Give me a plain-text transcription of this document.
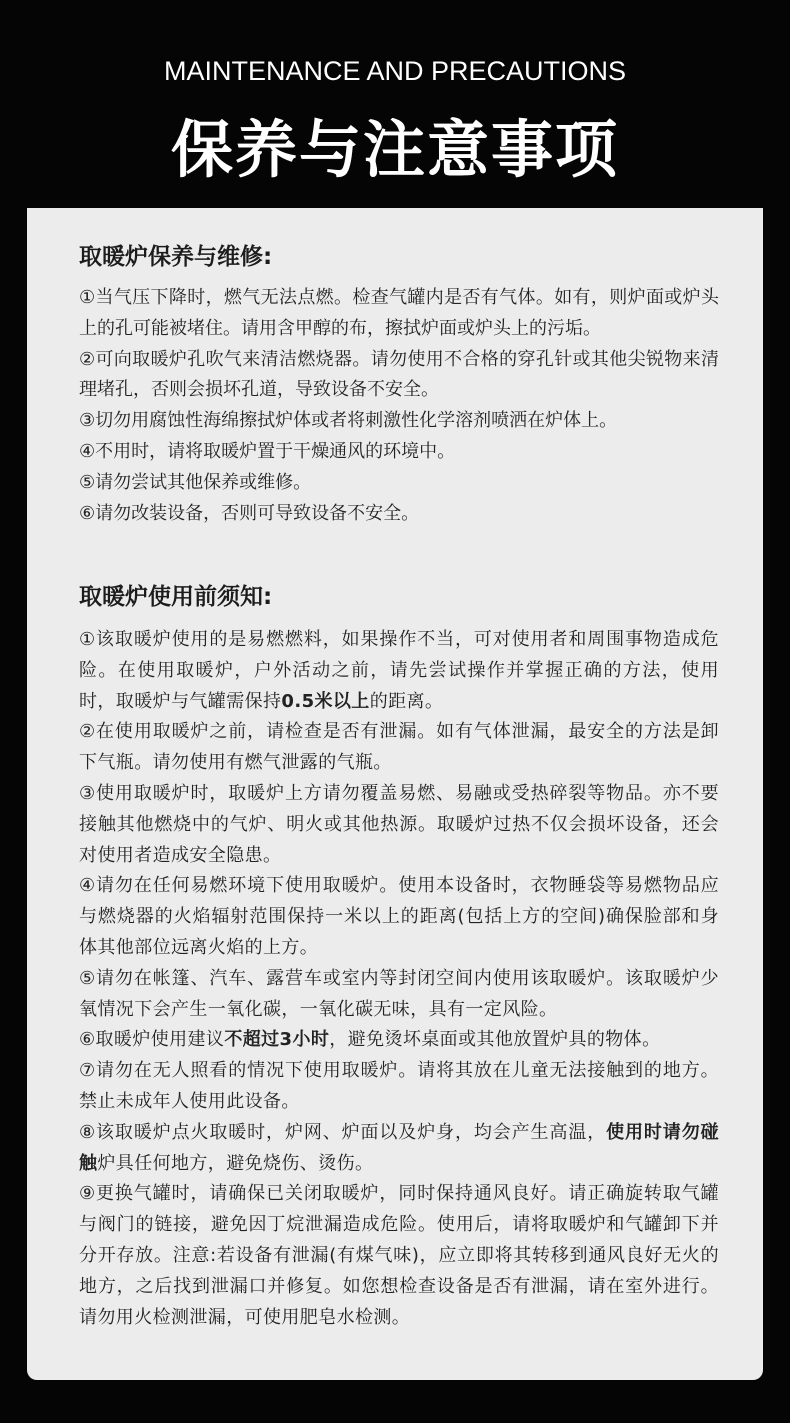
MAINTENANCE AND PRECAUTIONS
保养与注意事项
取暖炉保养与维修:
①当气压下降时，燃气无法点燃。检查气罐内是否有气体。如有，则炉面或炉头上的孔可能被堵住。请用含甲醇的布，擦拭炉面或炉头上的污垢。
②可向取暖炉孔吹气来清洁燃烧器。请勿使用不合格的穿孔针或其他尖锐物来清理堵孔，否则会损坏孔道，导致设备不安全。
③切勿用腐蚀性海绵擦拭炉体或者将刺激性化学溶剂喷洒在炉体上。
④不用时，请将取暖炉置于干燥通风的环境中。
⑤请勿尝试其他保养或维修。
⑥请勿改装设备，否则可导致设备不安全。
取暖炉使用前须知:
①该取暖炉使用的是易燃燃料，如果操作不当，可对使用者和周围事物造成危险。在使用取暖炉，户外活动之前，请先尝试操作并掌握正确的方法，使用时，取暖炉与气罐需保持0.5米以上的距离。
②在使用取暖炉之前，请检查是否有泄漏。如有气体泄漏，最安全的方法是卸下气瓶。请勿使用有燃气泄露的气瓶。
③使用取暖炉时，取暖炉上方请勿覆盖易燃、易融或受热碎裂等物品。亦不要接触其他燃烧中的气炉、明火或其他热源。取暖炉过热不仅会损坏设备，还会对使用者造成安全隐患。
④请勿在任何易燃环境下使用取暖炉。使用本设备时，衣物睡袋等易燃物品应与燃烧器的火焰辐射范围保持一米以上的距离(包括上方的空间)确保脸部和身体其他部位远离火焰的上方。
⑤请勿在帐篷、汽车、露营车或室内等封闭空间内使用该取暖炉。该取暖炉少氧情况下会产生一氧化碳，一氧化碳无味，具有一定风险。
⑥取暖炉使用建议不超过3小时，避免烫坏桌面或其他放置炉具的物体。
⑦请勿在无人照看的情况下使用取暖炉。请将其放在儿童无法接触到的地方。禁止未成年人使用此设备。
⑧该取暖炉点火取暖时，炉网、炉面以及炉身，均会产生高温，使用时请勿碰触炉具任何地方，避免烧伤、烫伤。
⑨更换气罐时，请确保已关闭取暖炉，同时保持通风良好。请正确旋转取气罐与阀门的链接，避免因丁烷泄漏造成危险。使用后，请将取暖炉和气罐卸下并分开存放。注意:若设备有泄漏(有煤气味)，应立即将其转移到通风良好无火的地方，之后找到泄漏口并修复。如您想检查设备是否有泄漏，请在室外进行。请勿用火检测泄漏，可使用肥皂水检测。
